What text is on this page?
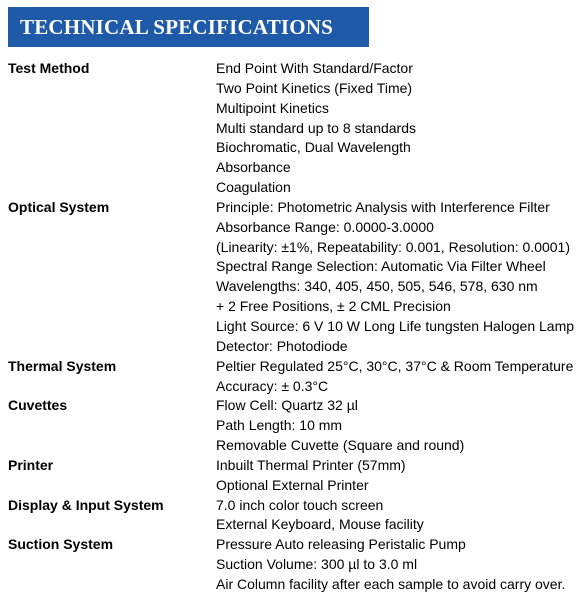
TECHNICAL SPECIFICATIONS
Test Method	End Point With Standard/Factor
Two Point Kinetics (Fixed Time)
Multipoint Kinetics
Multi standard up to 8 standards
Biochromatic, Dual Wavelength
Absorbance
Coagulation
Optical System	Principle: Photometric Analysis with Interference Filter
Absorbance Range: 0.0000-3.0000
(Linearity: ±1%, Repeatability: 0.001, Resolution: 0.0001)
Spectral Range Selection: Automatic Via Filter Wheel
Wavelengths: 340, 405, 450, 505, 546, 578, 630 nm
+ 2 Free Positions, ± 2 CML Precision
Light Source: 6 V 10 W Long Life tungsten Halogen Lamp
Detector: Photodiode
Thermal System	Peltier Regulated 25°C, 30°C, 37°C & Room Temperature
Accuracy: ± 0.3°C
Cuvettes	Flow Cell: Quartz 32 µl
Path Length: 10 mm
Removable Cuvette (Square and round)
Printer	Inbuilt Thermal Printer (57mm)
Optional External Printer
Display & Input System	7.0 inch color touch screen
External Keyboard, Mouse facility
Suction System	Pressure Auto releasing Peristalic Pump
Suction Volume: 300 µl to 3.0 ml
Air Column facility after each sample to avoid carry over.
